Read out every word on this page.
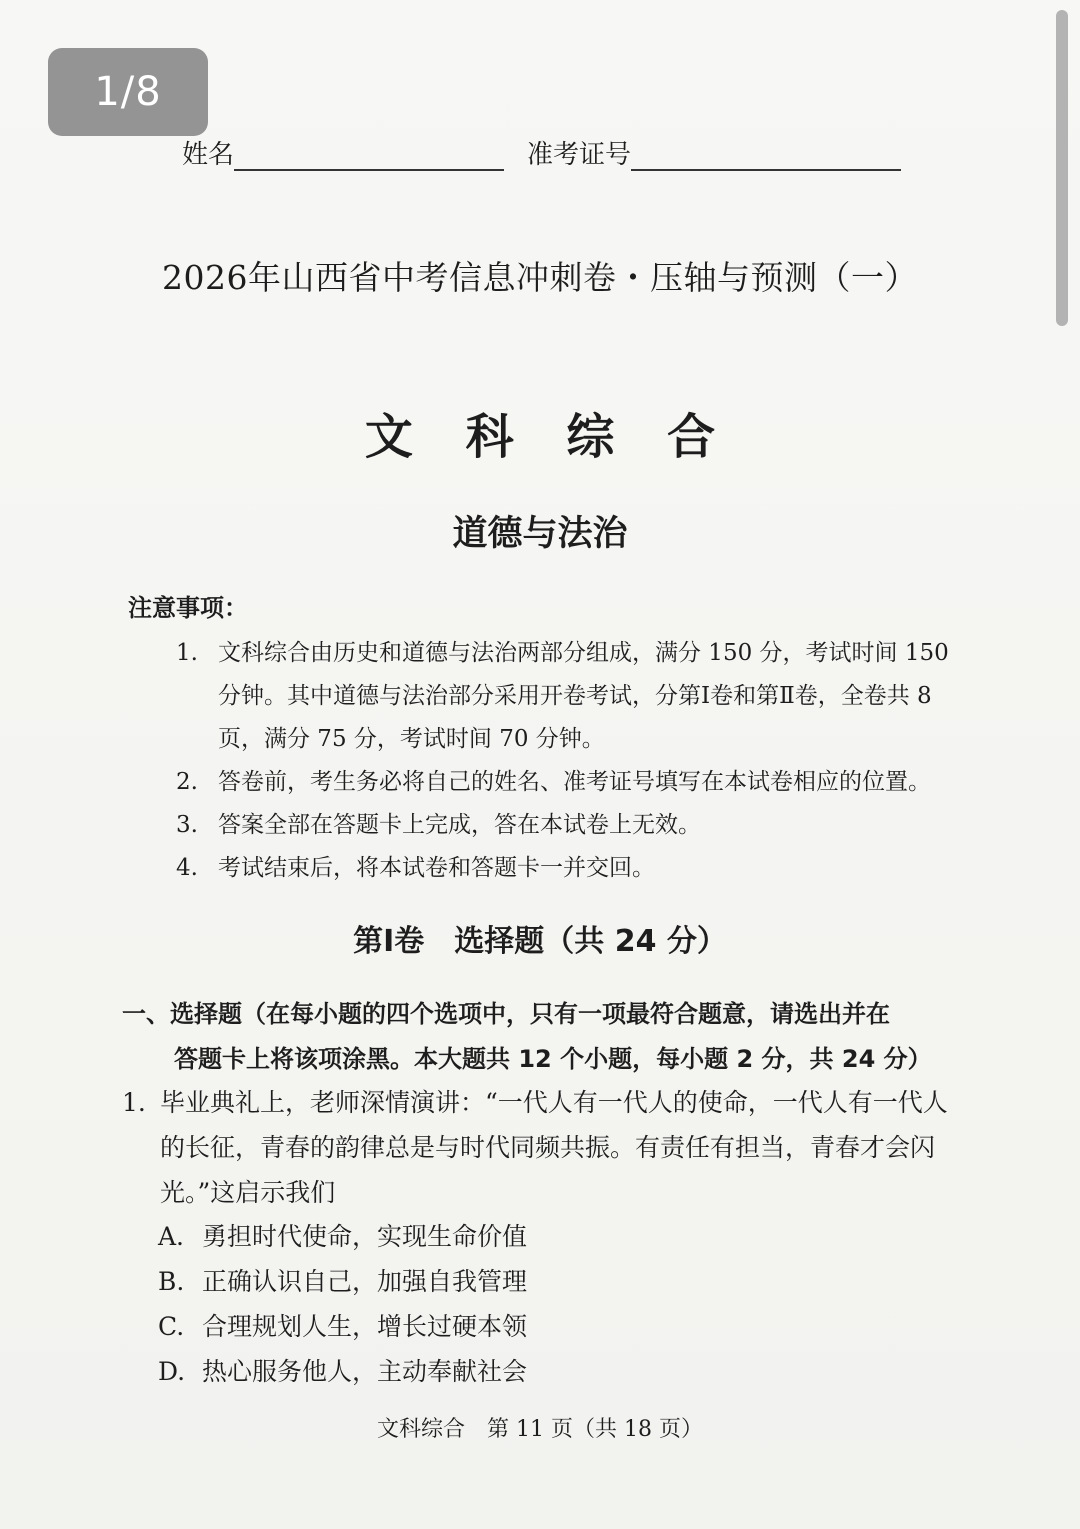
1/8
姓名	准考证号
2026年山西省中考信息冲刺卷・压轴与预测（一）
文 科 综 合
道德与法治
注意事项：

1. 文科综合由历史和道德与法治两部分组成，满分 150 分，考试时间 150 分钟。其中道德与法治部分采用开卷考试，分第Ⅰ卷和第Ⅱ卷，全卷共 8 页，满分 75 分，考试时间 70 分钟。

2. 答卷前，考生务必将自己的姓名、准考证号填写在本试卷相应的位置。

3. 答案全部在答题卡上完成，答在本试卷上无效。

4. 考试结束后，将本试卷和答题卡一并交回。

第Ⅰ卷　选择题（共 24 分）
一、选择题（在每小题的四个选项中，只有一项最符合题意，请选出并在
答题卡上将该项涂黑。本大题共 12 个小题，每小题 2 分，共 24 分）
1. 毕业典礼上，老师深情演讲：“一代人有一代人的使命，一代人有一代人的长征，青春的韵律总是与时代同频共振。有责任有担当，青春才会闪光。”这启示我们
A. 勇担时代使命，实现生命价值
B. 正确认识自己，加强自我管理
C. 合理规划人生，增长过硬本领
D. 热心服务他人，主动奉献社会
文科综合　第 11 页（共 18 页）
